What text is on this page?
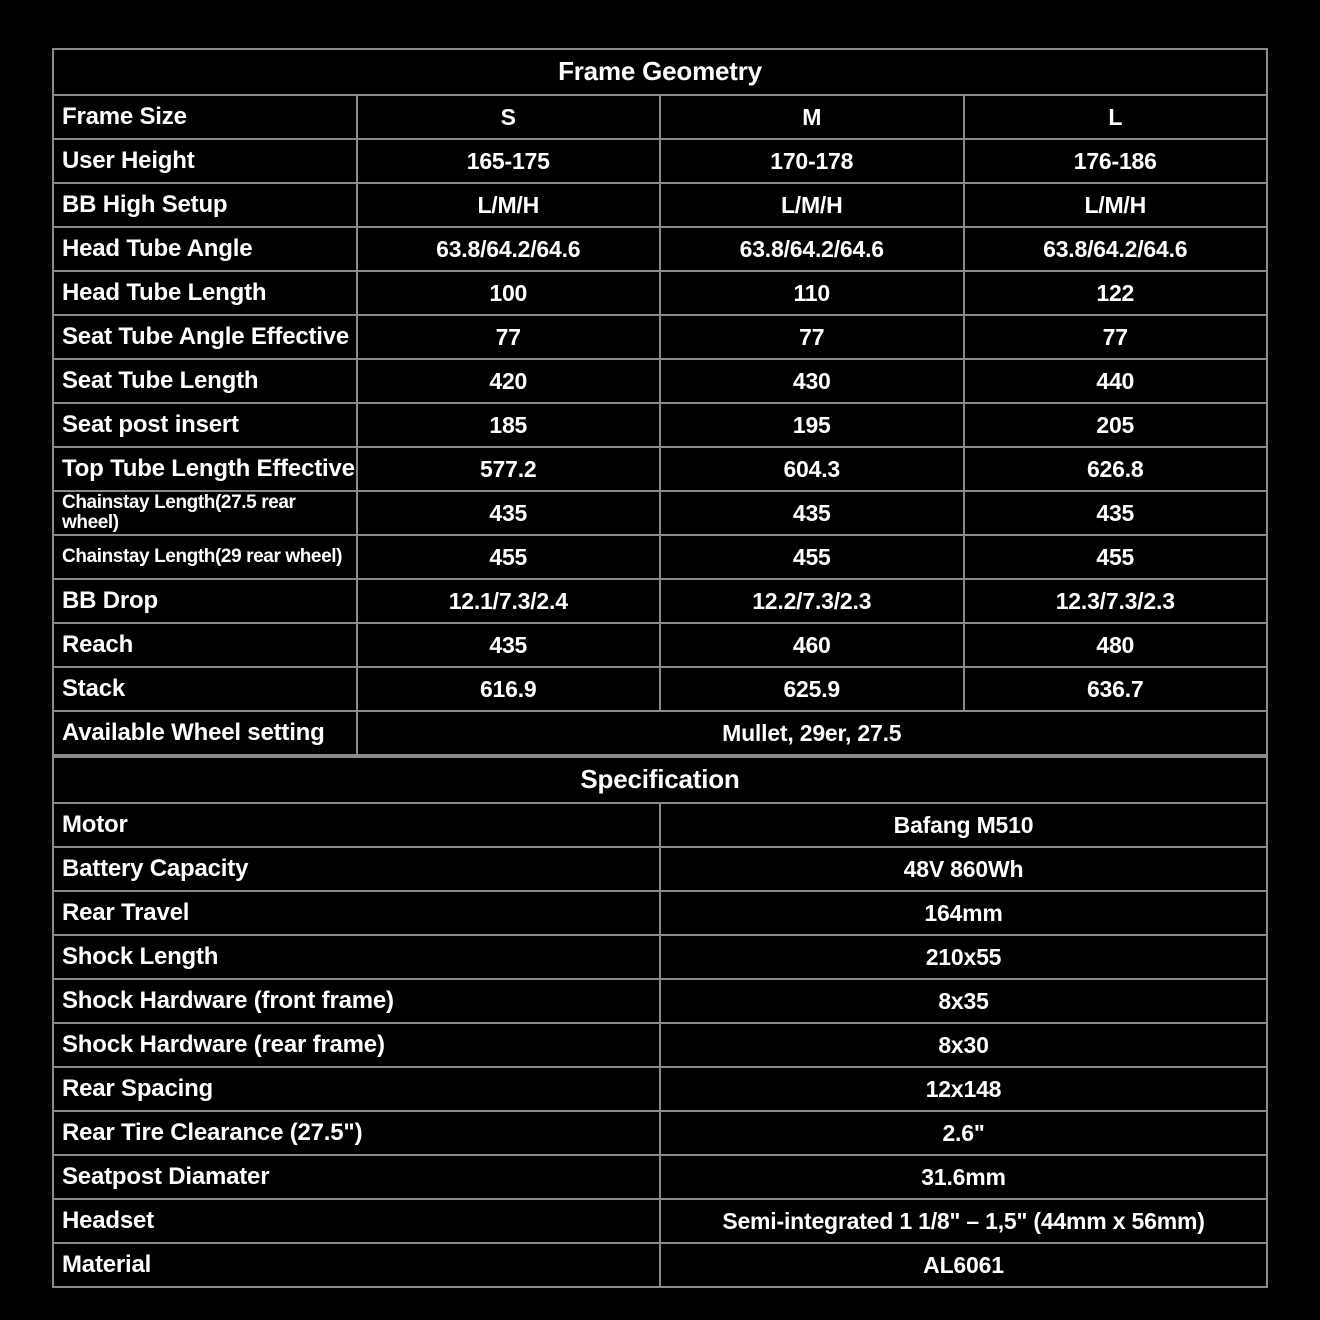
Frame Geometry			
Frame Size	S	M	L
User Height	165-175	170-178	176-186
BB High Setup	L/M/H	L/M/H	L/M/H
Head Tube Angle	63.8/64.2/64.6	63.8/64.2/64.6	63.8/64.2/64.6
Head Tube Length	100	110	122
Seat Tube Angle Effective	77	77	77
Seat Tube Length	420	430	440
Seat post insert	185	195	205
Top Tube Length Effective	577.2	604.3	626.8
Chainstay Length(27.5 rear wheel)	435	435	435
Chainstay Length(29 rear wheel)	455	455	455
BB Drop	12.1/7.3/2.4	12.2/7.3/2.3	12.3/7.3/2.3
Reach	435	460	480
Stack	616.9	625.9	636.7
Available Wheel setting	Mullet, 29er, 27.5		
Specification	
Motor	Bafang M510
Battery Capacity	48V 860Wh
Rear Travel	164mm
Shock Length	210x55
Shock Hardware (front frame)	8x35
Shock Hardware (rear frame)	8x30
Rear Spacing	12x148
Rear Tire Clearance (27.5")	2.6"
Seatpost Diamater	31.6mm
Headset	Semi-integrated 1 1/8" – 1,5" (44mm x 56mm)
Material	AL6061
